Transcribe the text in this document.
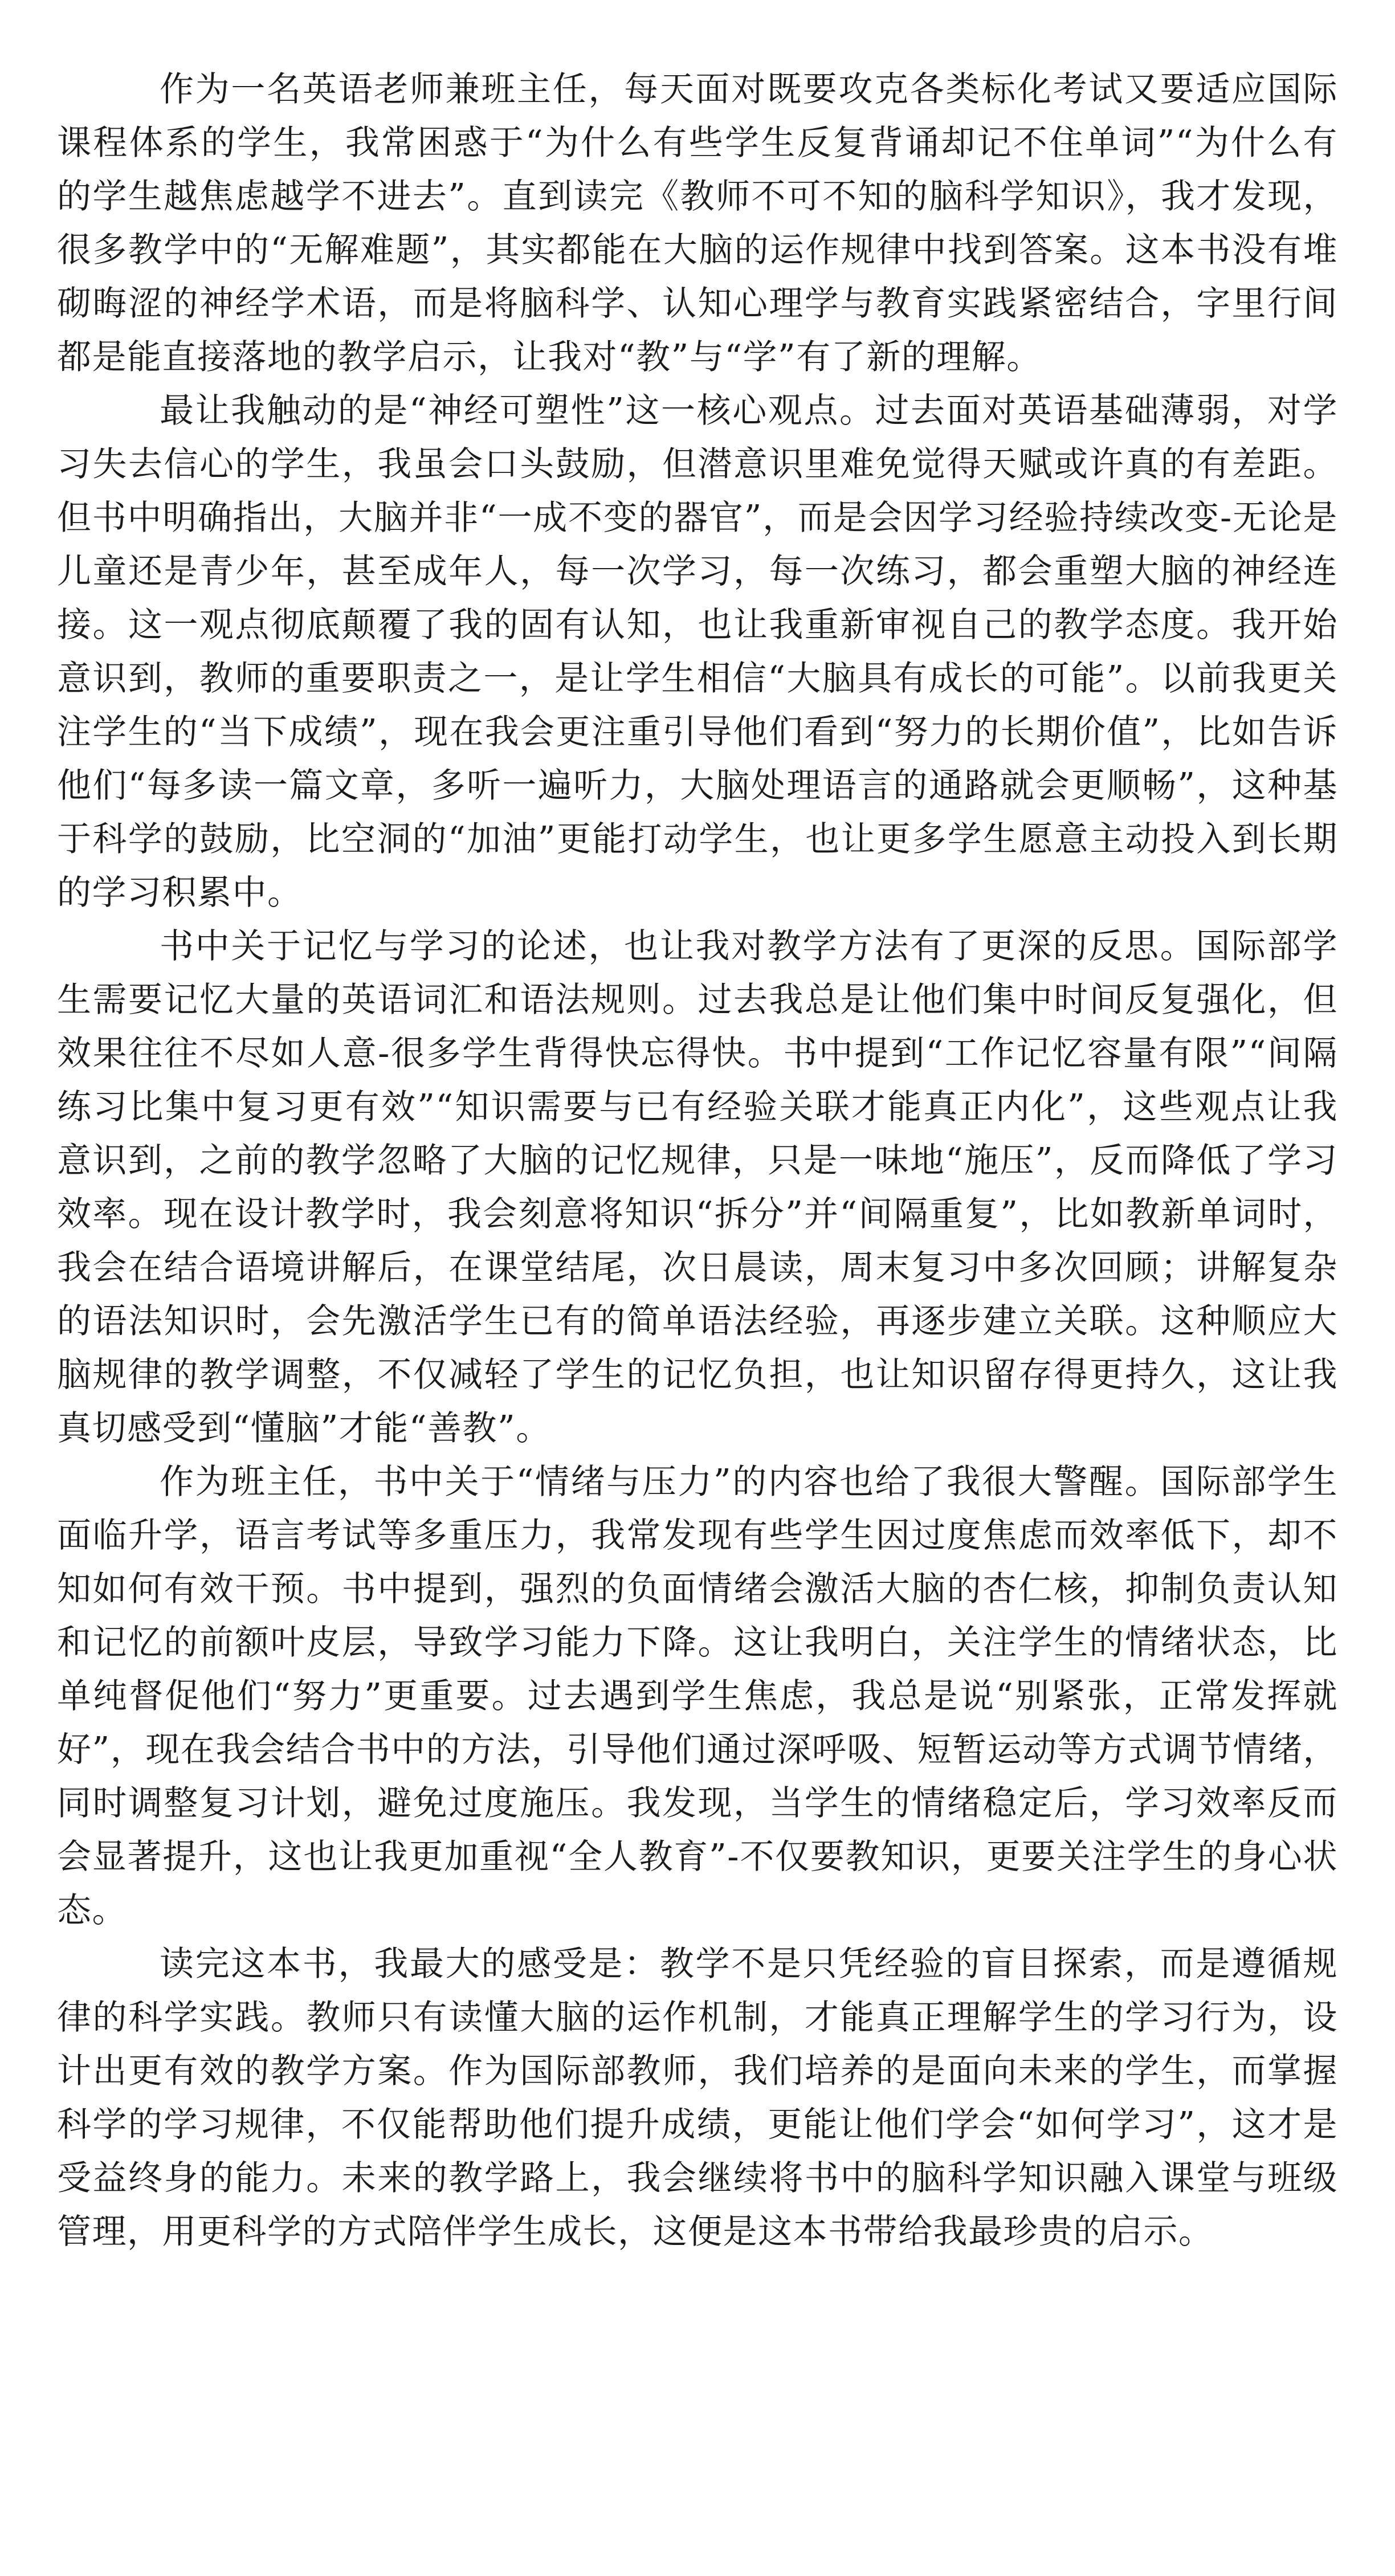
作为一名英语老师兼班主任，每天面对既要攻克各类标化考试又要适应国际课程体系的学生，我常困惑于“为什么有些学生反复背诵却记不住单词”“为什么有的学生越焦虑越学不进去”。直到读完《教师不可不知的脑科学知识》，我才发现，很多教学中的“无解难题”，其实都能在大脑的运作规律中找到答案。这本书没有堆砌晦涩的神经学术语，而是将脑科学、认知心理学与教育实践紧密结合，字里行间都是能直接落地的教学启示，让我对“教”与“学”有了新的理解。

最让我触动的是“神经可塑性”这一核心观点。过去面对英语基础薄弱，对学习失去信心的学生，我虽会口头鼓励，但潜意识里难免觉得天赋或许真的有差距。但书中明确指出，大脑并非“一成不变的器官”，而是会因学习经验持续改变-无论是儿童还是青少年，甚至成年人，每一次学习，每一次练习，都会重塑大脑的神经连接。这一观点彻底颠覆了我的固有认知，也让我重新审视自己的教学态度。我开始意识到，教师的重要职责之一，是让学生相信“大脑具有成长的可能”。以前我更关注学生的“当下成绩”，现在我会更注重引导他们看到“努力的长期价值”，比如告诉他们“每多读一篇文章，多听一遍听力，大脑处理语言的通路就会更顺畅”，这种基于科学的鼓励，比空洞的“加油”更能打动学生，也让更多学生愿意主动投入到长期的学习积累中。

书中关于记忆与学习的论述，也让我对教学方法有了更深的反思。国际部学生需要记忆大量的英语词汇和语法规则。过去我总是让他们集中时间反复强化，但效果往往不尽如人意-很多学生背得快忘得快。书中提到“工作记忆容量有限”“间隔练习比集中复习更有效”“知识需要与已有经验关联才能真正内化”，这些观点让我意识到，之前的教学忽略了大脑的记忆规律，只是一味地“施压”，反而降低了学习效率。现在设计教学时，我会刻意将知识“拆分”并“间隔重复”，比如教新单词时，我会在结合语境讲解后，在课堂结尾，次日晨读，周末复习中多次回顾；讲解复杂的语法知识时，会先激活学生已有的简单语法经验，再逐步建立关联。这种顺应大脑规律的教学调整，不仅减轻了学生的记忆负担，也让知识留存得更持久，这让我真切感受到“懂脑”才能“善教”。

作为班主任，书中关于“情绪与压力”的内容也给了我很大警醒。国际部学生面临升学，语言考试等多重压力，我常发现有些学生因过度焦虑而效率低下，却不知如何有效干预。书中提到，强烈的负面情绪会激活大脑的杏仁核，抑制负责认知和记忆的前额叶皮层，导致学习能力下降。这让我明白，关注学生的情绪状态，比单纯督促他们“努力”更重要。过去遇到学生焦虑，我总是说“别紧张，正常发挥就好”，现在我会结合书中的方法，引导他们通过深呼吸、短暂运动等方式调节情绪，同时调整复习计划，避免过度施压。我发现，当学生的情绪稳定后，学习效率反而会显著提升，这也让我更加重视“全人教育”-不仅要教知识，更要关注学生的身心状态。

读完这本书，我最大的感受是：教学不是只凭经验的盲目探索，而是遵循规律的科学实践。教师只有读懂大脑的运作机制，才能真正理解学生的学习行为，设计出更有效的教学方案。作为国际部教师，我们培养的是面向未来的学生，而掌握科学的学习规律，不仅能帮助他们提升成绩，更能让他们学会“如何学习”，这才是受益终身的能力。未来的教学路上，我会继续将书中的脑科学知识融入课堂与班级管理，用更科学的方式陪伴学生成长，这便是这本书带给我最珍贵的启示。
